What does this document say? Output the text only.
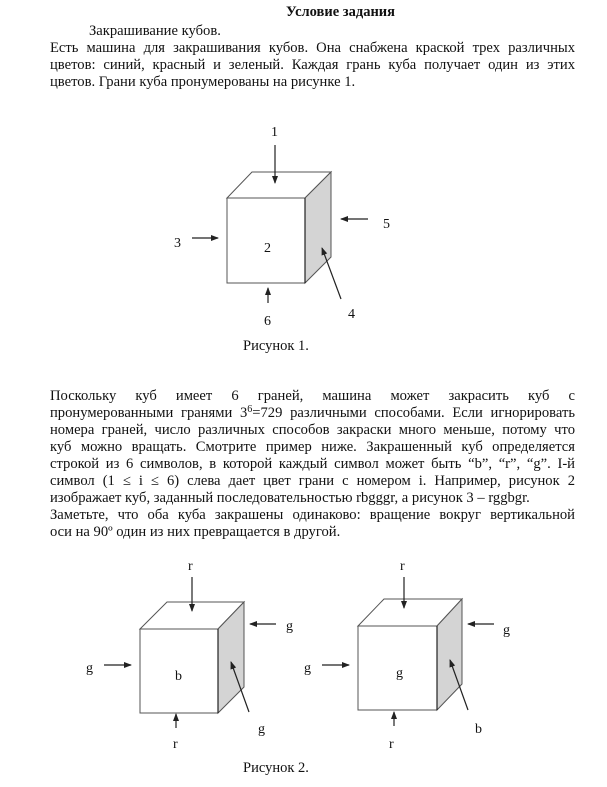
Условие задания

Закрашивание кубов.

Есть машина для закрашивания кубов. Она снабжена краской трех различных

цветов: синий, красный и зеленый. Каждая грань куба получает один из этих

цветов. Грани куба пронумерованы на рисунке 1.

1
2
3
4
5
6
r
b
g
g
g
r
r
g
g
g
b
r
Рисунок 1.

Поскольку куб имеет 6 граней, машина может закрасить куб с

пронумерованными гранями $3^6=729$ различными способами. Если игнорировать

номера граней, число различных способов закраски много меньше, потому что

куб можно вращать. Смотрите пример ниже. Закрашенный куб определяется

строкой из 6 символов, в которой каждый символ может быть “b”, “r”, “g”. I-й

символ (1 ≤ i ≤ 6) слева дает цвет грани с номером i. Например, рисунок 2

изображает куб, заданный последовательностью rbgggr, а рисунок 3 – rggbgr.

Заметьте, что оба куба закрашены одинаково: вращение вокруг вертикальной

оси на 90º один из них превращается в другой.

Рисунок 2.
